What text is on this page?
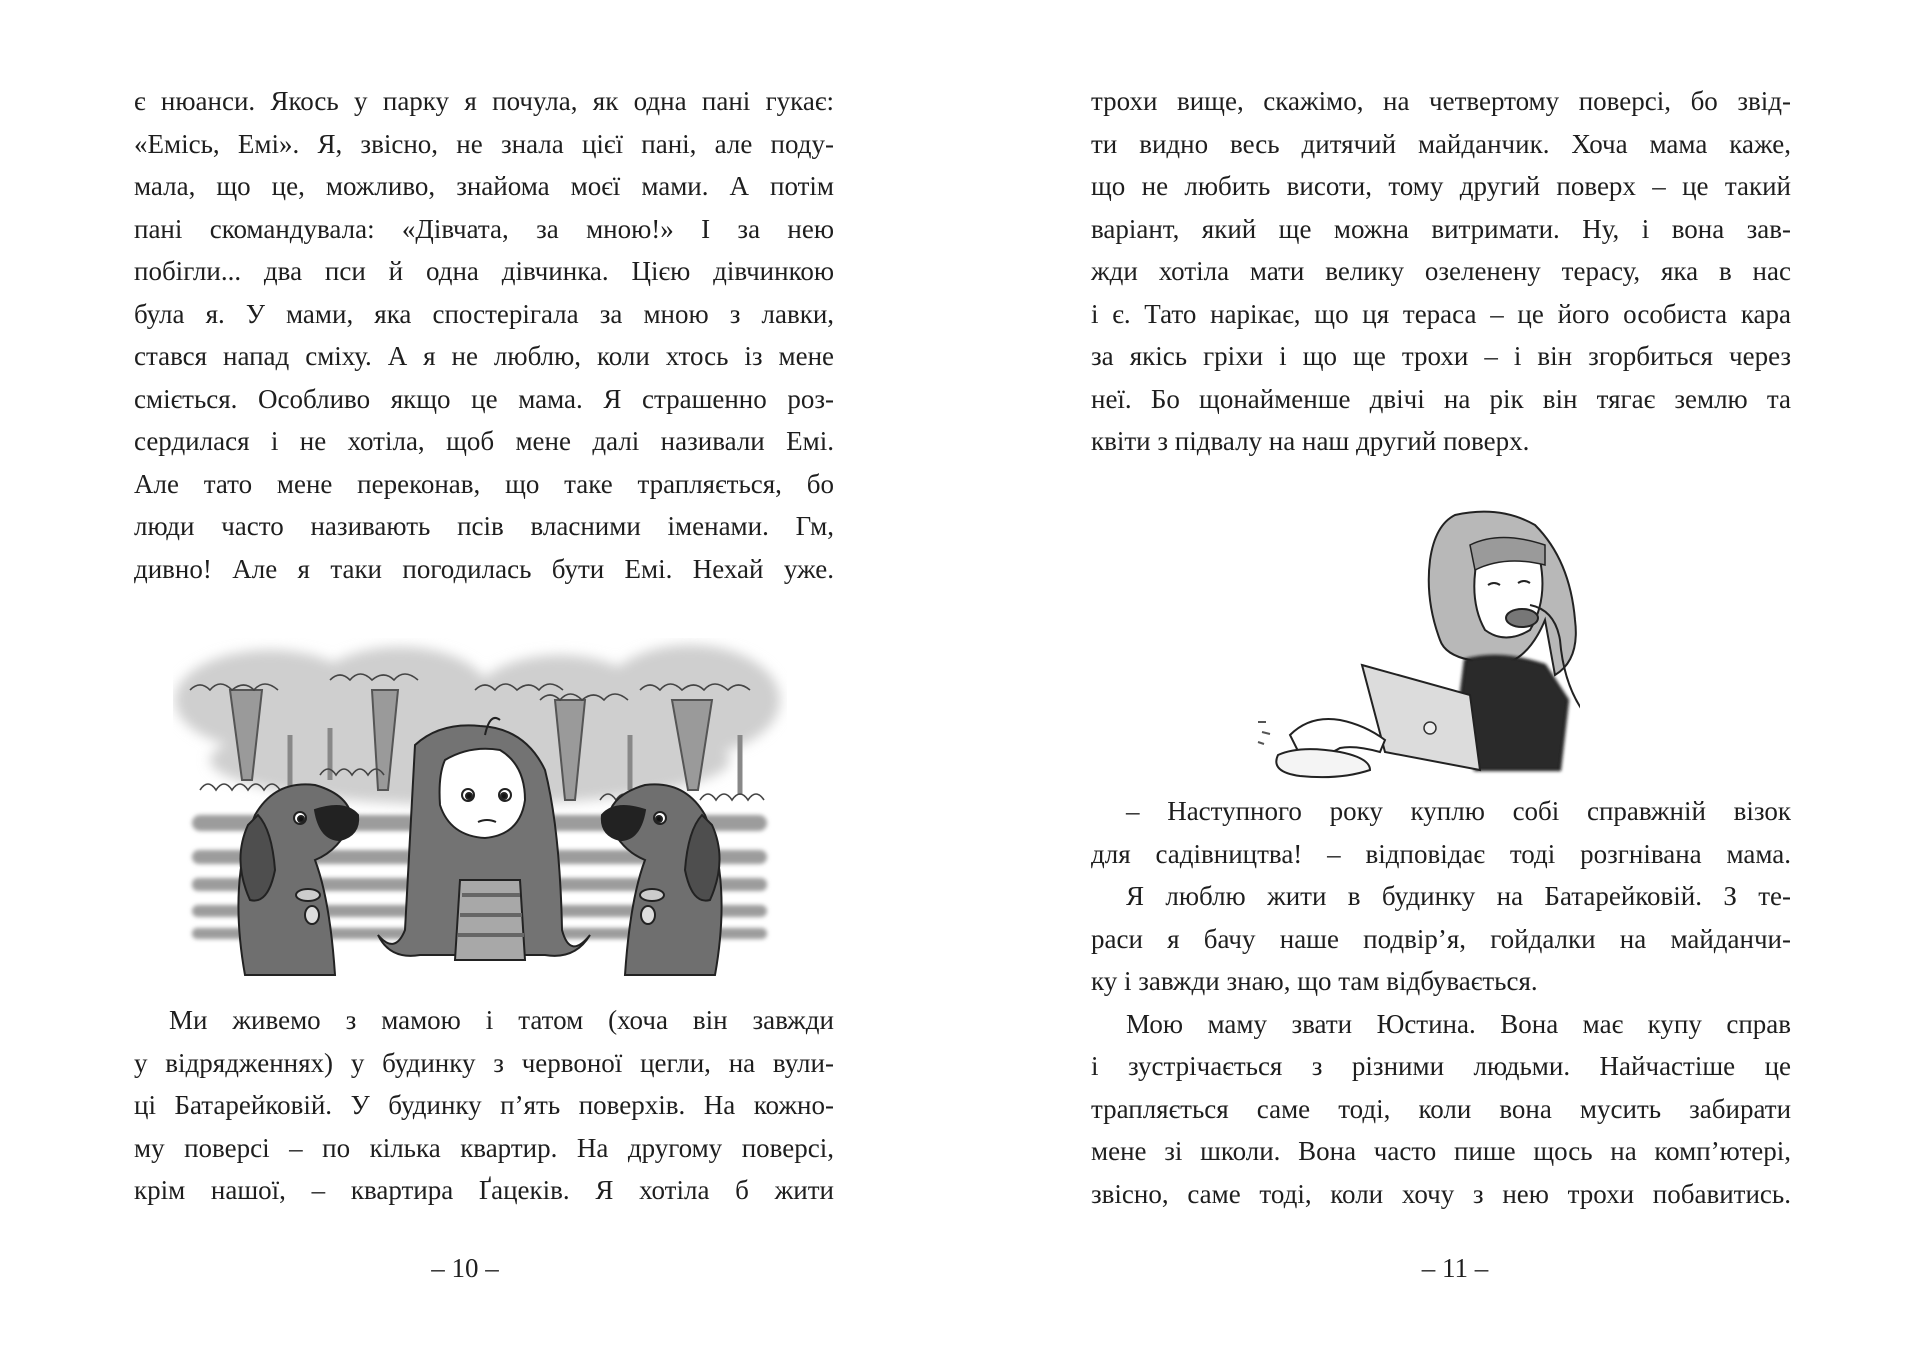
є нюанси. Якось у парку я почула, як одна пані гукає:
«Емісь, Емі». Я, звісно, не знала цієї пані, але поду-
мала, що це, можливо, знайома моєї мами. А потім
пані скомандувала: «Дівчата, за мною!» І за нею
побігли... два пси й одна дівчинка. Цією дівчинкою
була я. У мами, яка спостерігала за мною з лавки,
стався напад сміху. А я не люблю, коли хтось із мене
сміється. Особливо якщо це мама. Я страшенно роз-
сердилася і не хотіла, щоб мене далі називали Емі.
Але тато мене переконав, що таке трапляється, бо
люди часто називають псів власними іменами. Гм,
дивно! Але я таки погодилась бути Емі. Нехай уже.
Ми живемо з мамою і татом (хоча він завжди
у відрядженнях) у будинку з червоної цегли, на вули-
ці Батарейковій. У будинку п’ять поверхів. На кожно-
му поверсі – по кілька квартир. На другому поверсі,
крім нашої, – квартира Ґацеків. Я хотіла б жити
– 10 –
трохи вище, скажімо, на четвертому поверсі, бо звід-
ти видно весь дитячий майданчик. Хоча мама каже,
що не любить висоти, тому другий поверх – це такий
варіант, який ще можна витримати. Ну, і вона зав-
жди хотіла мати велику озеленену терасу, яка в нас
і є. Тато нарікає, що ця тераса – це його особиста кара
за якісь гріхи і що ще трохи – і він згорбиться через
неї. Бо щонайменше двічі на рік він тягає землю та
квіти з підвалу на наш другий поверх.
– Наступного року куплю собі справжній візок
для садівництва! – відповідає тоді розгнівана мама.
Я люблю жити в будинку на Батарейковій. З те-
раси я бачу наше подвір’я, гойдалки на майданчи-
ку і завжди знаю, що там відбувається.
Мою маму звати Юстина. Вона має купу справ
і зустрічається з різними людьми. Найчастіше це
трапляється саме тоді, коли вона мусить забирати
мене зі школи. Вона часто пише щось на комп’ютері,
звісно, саме тоді, коли хочу з нею трохи побавитись.
– 11 –
